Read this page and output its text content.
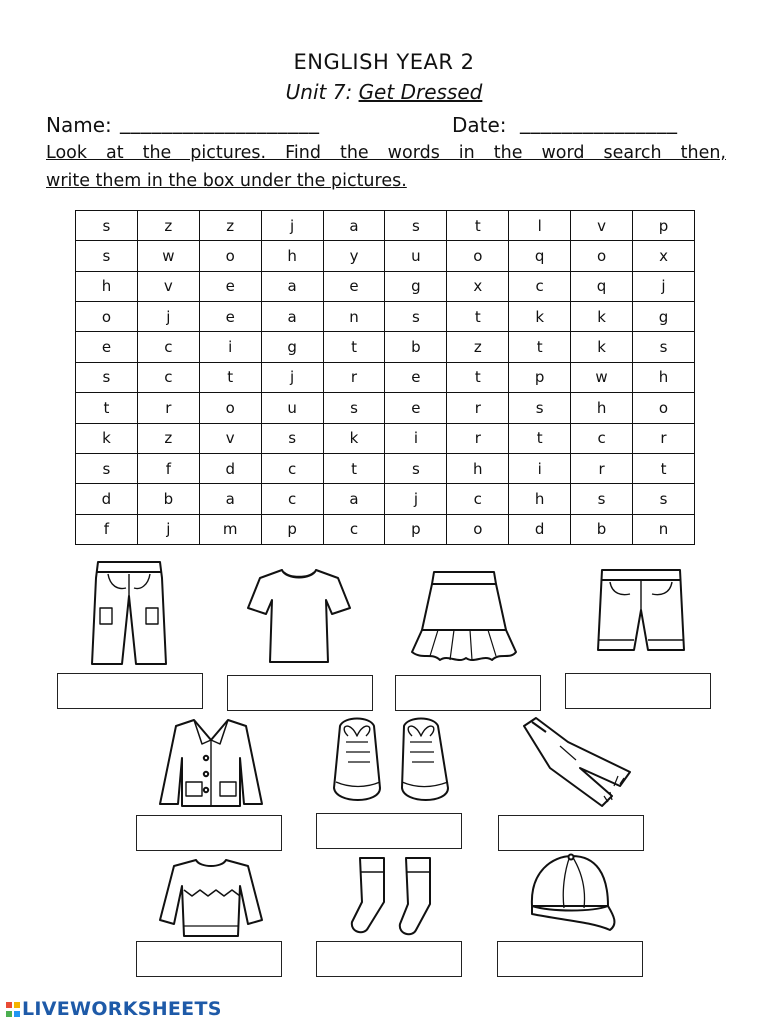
ENGLISH YEAR 2
Unit 7: Get Dressed
Name: ___________________	Date: _______________
Look at the pictures. Find the words in the word search then,
write them in the box under the pictures.
s	z	z	j	a	s	t	l	v	p
s	w	o	h	y	u	o	q	o	x
h	v	e	a	e	g	x	c	q	j
o	j	e	a	n	s	t	k	k	g
e	c	i	g	t	b	z	t	k	s
s	c	t	j	r	e	t	p	w	h
t	r	o	u	s	e	r	s	h	o
k	z	v	s	k	i	r	t	c	r
s	f	d	c	t	s	h	i	r	t
d	b	a	c	a	j	c	h	s	s
f	j	m	p	c	p	o	d	b	n
LIVEWORKSHEETS
